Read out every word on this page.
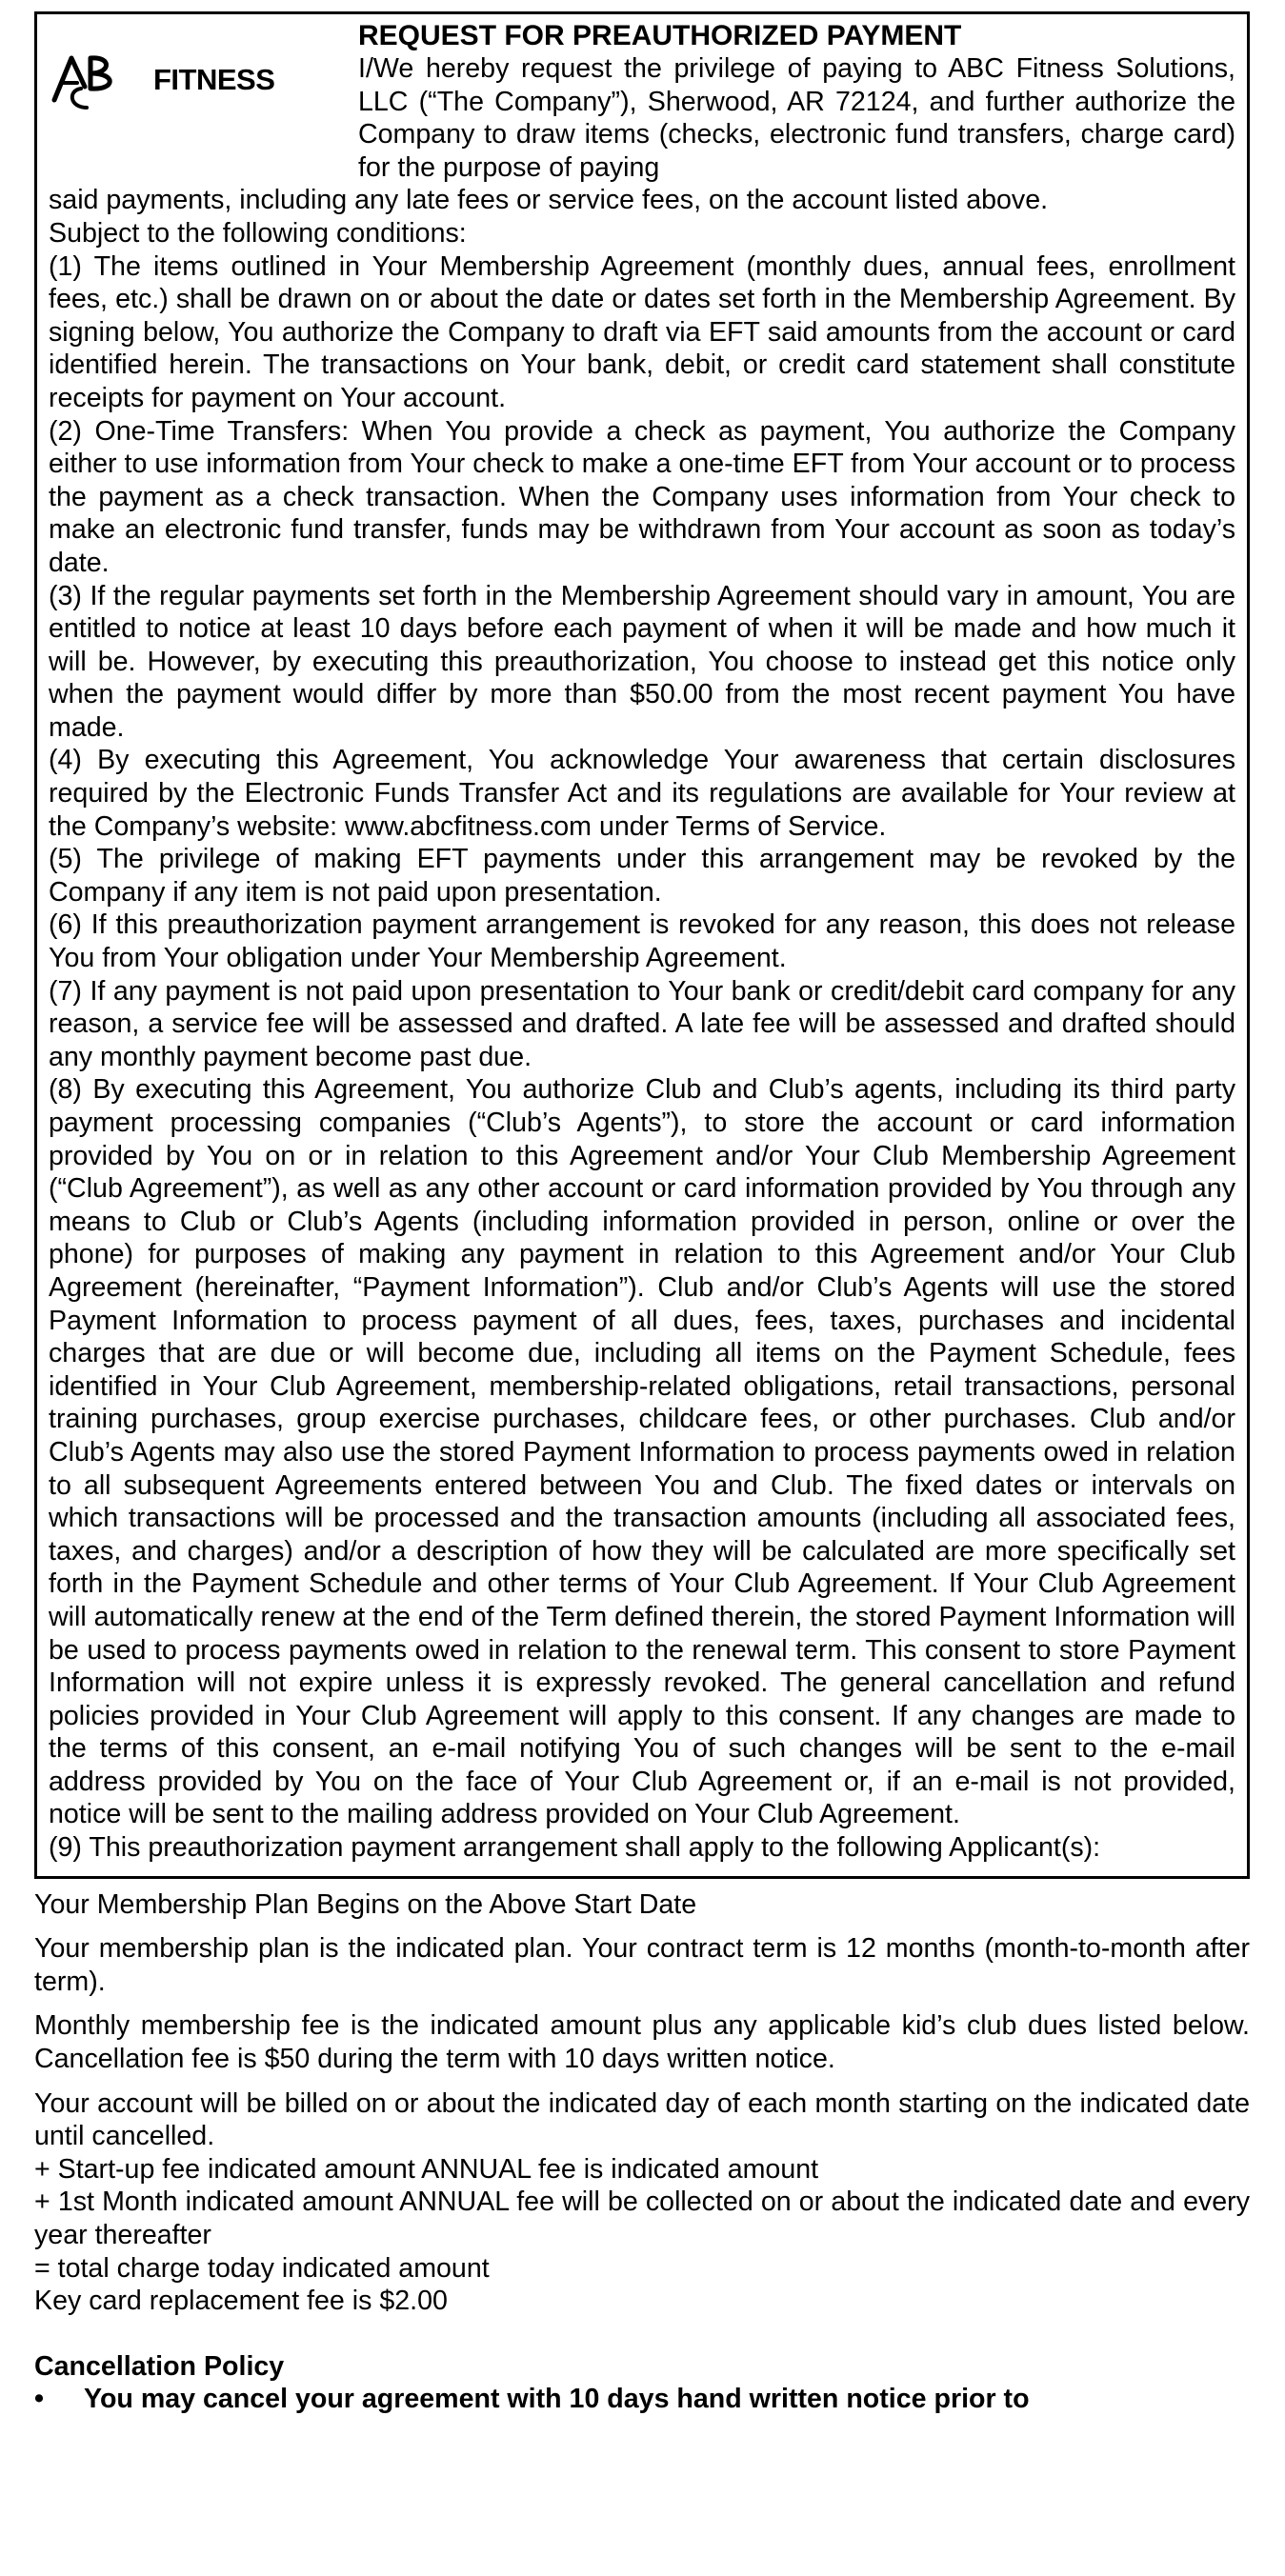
FITNESS
REQUEST FOR PREAUTHORIZED PAYMENT

I/We hereby request the privilege of paying to ABC Fitness Solutions, LLC (“The Company”), Sherwood, AR 72124, and further authorize the Company to draw items (checks, electronic fund transfers, charge card) for the purpose of paying

said payments, including any late fees or service fees, on the account listed above.

Subject to the following conditions:

(1) The items outlined in Your Membership Agreement (monthly dues, annual fees, enrollment fees, etc.) shall be drawn on or about the date or dates set forth in the Membership Agreement. By signing below, You authorize the Company to draft via EFT said amounts from the account or card identified herein. The transactions on Your bank, debit, or credit card statement shall constitute receipts for payment on Your account.

(2) One-Time Transfers: When You provide a check as payment, You authorize the Company either to use information from Your check to make a one-time EFT from Your account or to process the payment as a check transaction. When the Company uses information from Your check to make an electronic fund transfer, funds may be withdrawn from Your account as soon as today’s date.

(3) If the regular payments set forth in the Membership Agreement should vary in amount, You are entitled to notice at least 10 days before each payment of when it will be made and how much it will be. However, by executing this preauthorization, You choose to instead get this notice only when the payment would differ by more than $50.00 from the most recent payment You have made.

(4) By executing this Agreement, You acknowledge Your awareness that certain disclosures required by the Electronic Funds Transfer Act and its regulations are available for Your review at the Company’s website: www.abcfitness.com under Terms of Service.

(5) The privilege of making EFT payments under this arrangement may be revoked by the Company if any item is not paid upon presentation.

(6) If this preauthorization payment arrangement is revoked for any reason, this does not release You from Your obligation under Your Membership Agreement.

(7) If any payment is not paid upon presentation to Your bank or credit/debit card company for any reason, a service fee will be assessed and drafted. A late fee will be assessed and drafted should any monthly payment become past due.

(8) By executing this Agreement, You authorize Club and Club’s agents, including its third party payment processing companies (“Club’s Agents”), to store the account or card information provided by You on or in relation to this Agreement and/or Your Club Membership Agreement (“Club Agreement”), as well as any other account or card information provided by You through any means to Club or Club’s Agents (including information provided in person, online or over the phone) for purposes of making any payment in relation to this Agreement and/or Your Club Agreement (hereinafter, “Payment Information”). Club and/or Club’s Agents will use the stored Payment Information to process payment of all dues, fees, taxes, purchases and incidental charges that are due or will become due, including all items on the Payment Schedule, fees identified in Your Club Agreement, membership-related obligations, retail transactions, personal training purchases, group exercise purchases, childcare fees, or other purchases. Club and/or Club’s Agents may also use the stored Payment Information to process payments owed in relation to all subsequent Agreements entered between You and Club. The fixed dates or intervals on which transactions will be processed and the transaction amounts (including all associated fees, taxes, and charges) and/or a description of how they will be calculated are more specifically set forth in the Payment Schedule and other terms of Your Club Agreement. If Your Club Agreement will automatically renew at the end of the Term defined therein, the stored Payment Information will be used to process payments owed in relation to the renewal term. This consent to store Payment Information will not expire unless it is expressly revoked. The general cancellation and refund policies provided in Your Club Agreement will apply to this consent. If any changes are made to the terms of this consent, an e-mail notifying You of such changes will be sent to the e-mail address provided by You on the face of Your Club Agreement or, if an e-mail is not provided, notice will be sent to the mailing address provided on Your Club Agreement.

(9) This preauthorization payment arrangement shall apply to the following Applicant(s):

Your Membership Plan Begins on the Above Start Date

Your membership plan is the indicated plan. Your contract term is 12 months (month-to-month after term).

Monthly membership fee is the indicated amount plus any applicable kid’s club dues listed below. Cancellation fee is $50 during the term with 10 days written notice.

Your account will be billed on or about the indicated day of each month starting on the indicated date until cancelled.

+ Start-up fee indicated amount ANNUAL fee is indicated amount

+ 1st Month indicated amount ANNUAL fee will be collected on or about the indicated date and every year thereafter

= total charge today indicated amount

Key card replacement fee is $2.00

Cancellation Policy

•	You may cancel your agreement with 10 days hand written notice prior to
